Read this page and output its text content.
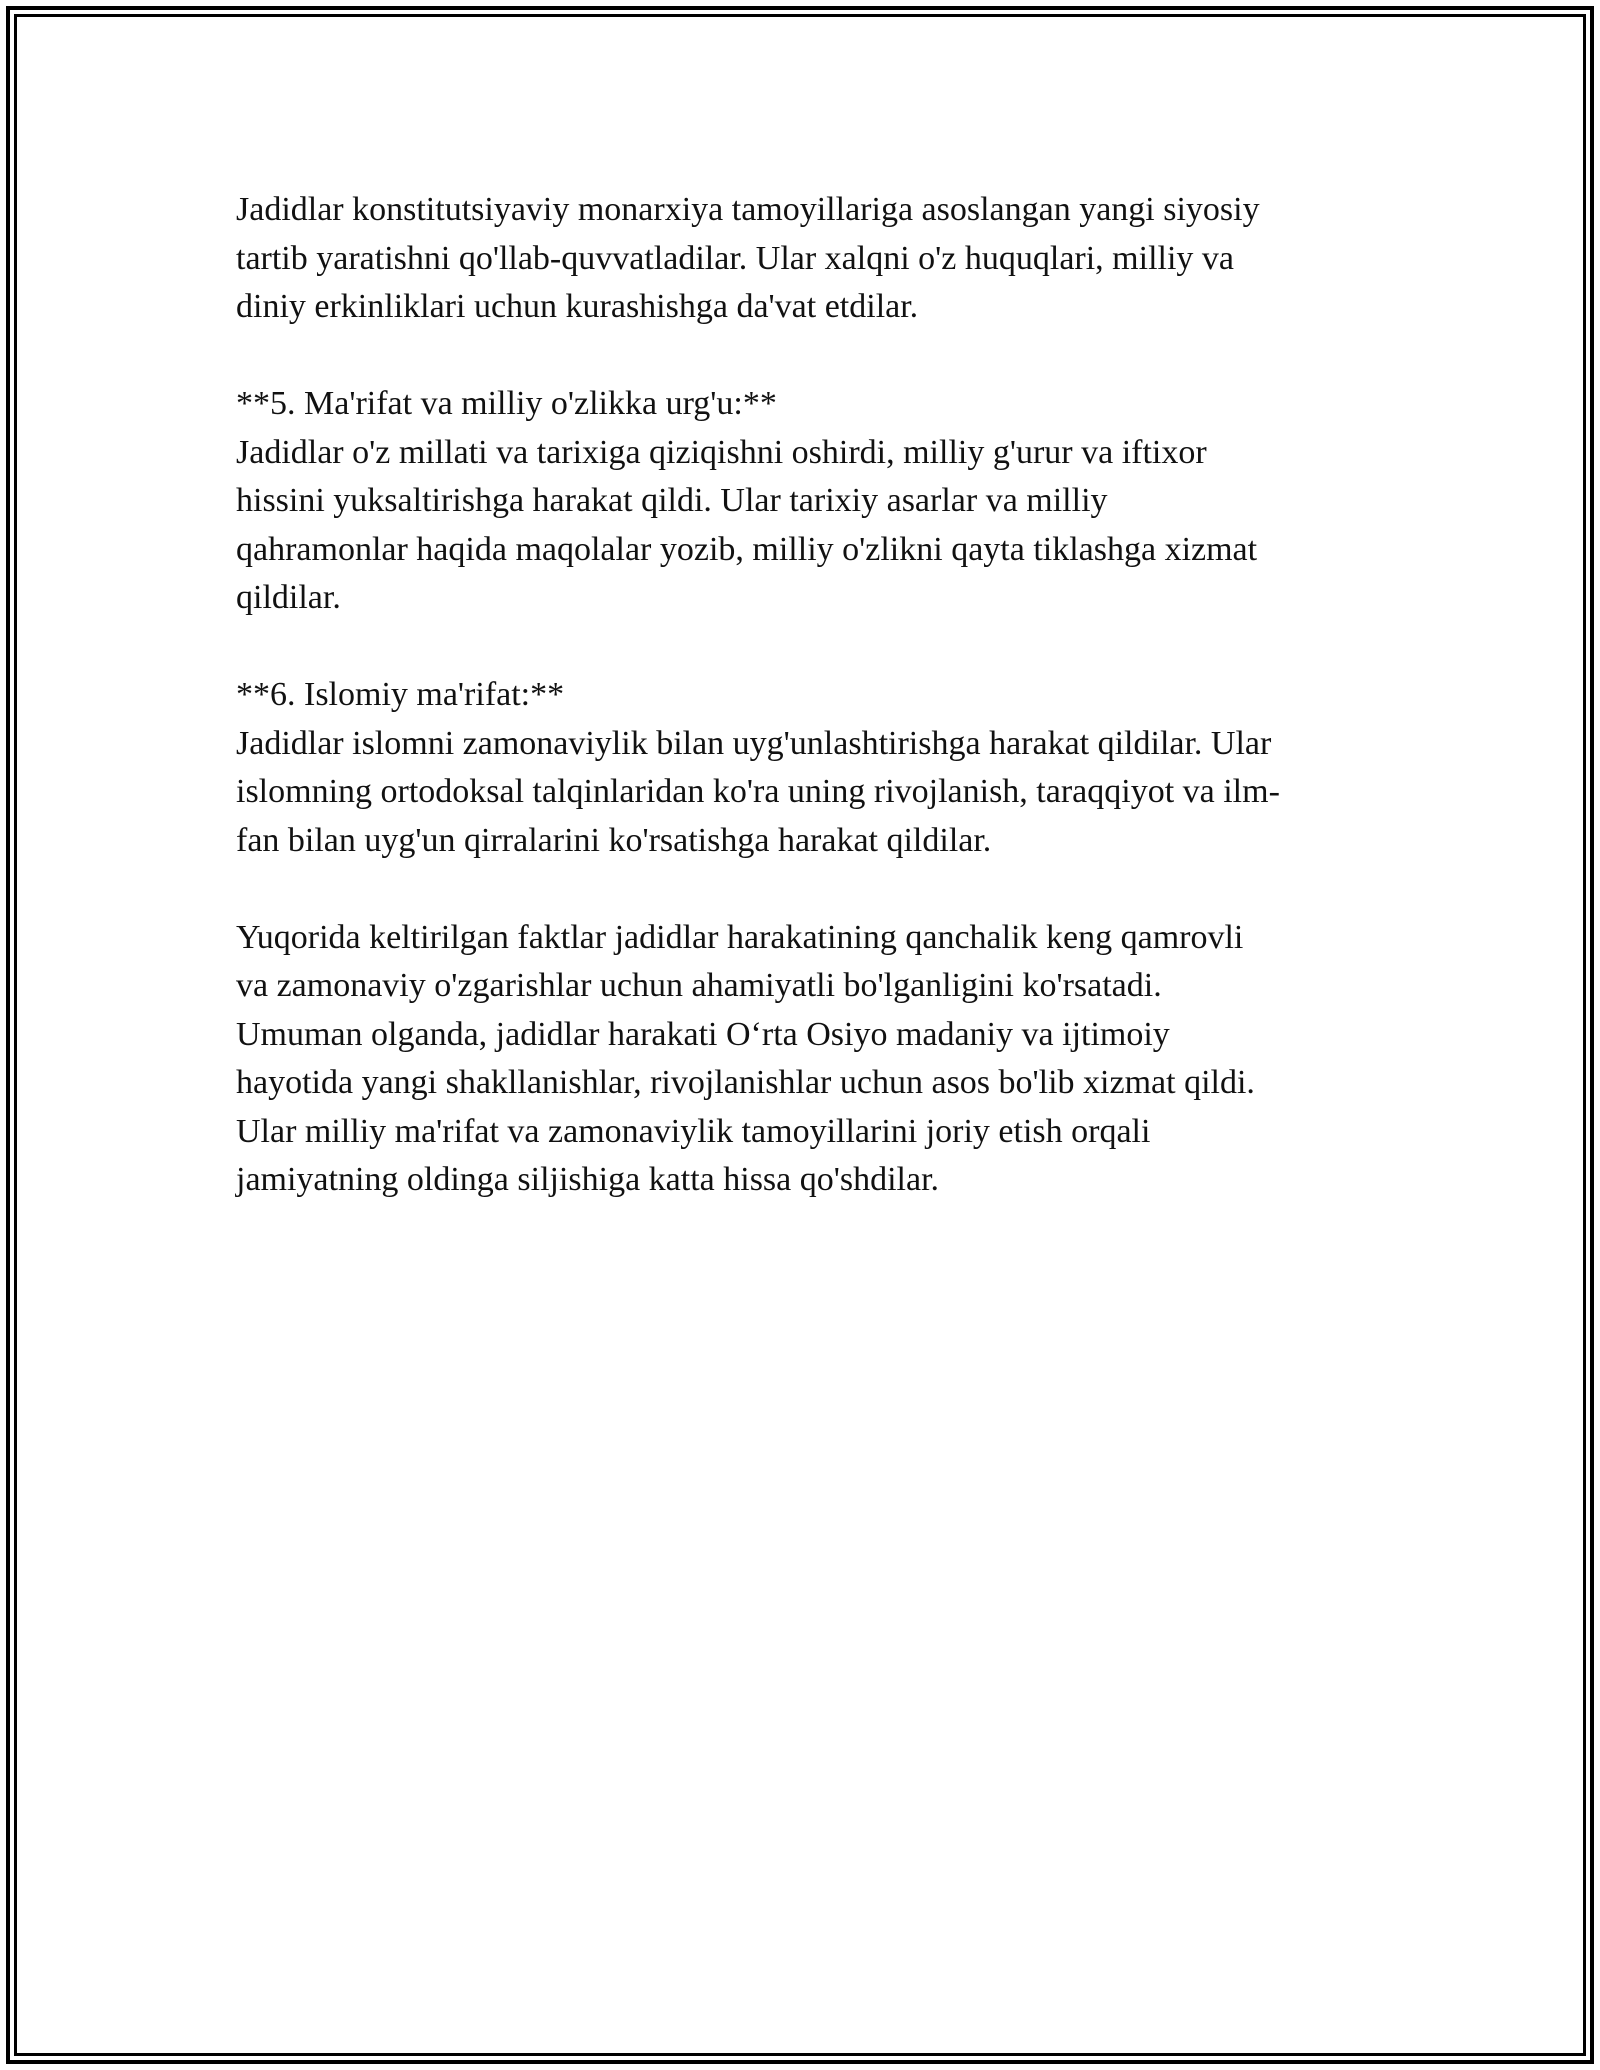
Jadidlar konstitutsiyaviy monarxiya tamoyillariga asoslangan yangi siyosiy
tartib yaratishni qo'llab-quvvatladilar. Ular xalqni o'z huquqlari, milliy va
diniy erkinliklari uchun kurashishga da'vat etdilar.

**5. Ma'rifat va milliy o'zlikka urg'u:**

Jadidlar o'z millati va tarixiga qiziqishni oshirdi, milliy g'urur va iftixor
hissini yuksaltirishga harakat qildi. Ular tarixiy asarlar va milliy
qahramonlar haqida maqolalar yozib, milliy o'zlikni qayta tiklashga xizmat
qildilar.

**6. Islomiy ma'rifat:**

Jadidlar islomni zamonaviylik bilan uyg'unlashtirishga harakat qildilar. Ular
islomning ortodoksal talqinlaridan ko'ra uning rivojlanish, taraqqiyot va ilm-
fan bilan uyg'un qirralarini ko'rsatishga harakat qildilar.

Yuqorida keltirilgan faktlar jadidlar harakatining qanchalik keng qamrovli
va zamonaviy o'zgarishlar uchun ahamiyatli bo'lganligini ko'rsatadi.
Umuman olganda, jadidlar harakati O‘rta Osiyo madaniy va ijtimoiy
hayotida yangi shakllanishlar, rivojlanishlar uchun asos bo'lib xizmat qildi.
Ular milliy ma'rifat va zamonaviylik tamoyillarini joriy etish orqali
jamiyatning oldinga siljishiga katta hissa qo'shdilar.
